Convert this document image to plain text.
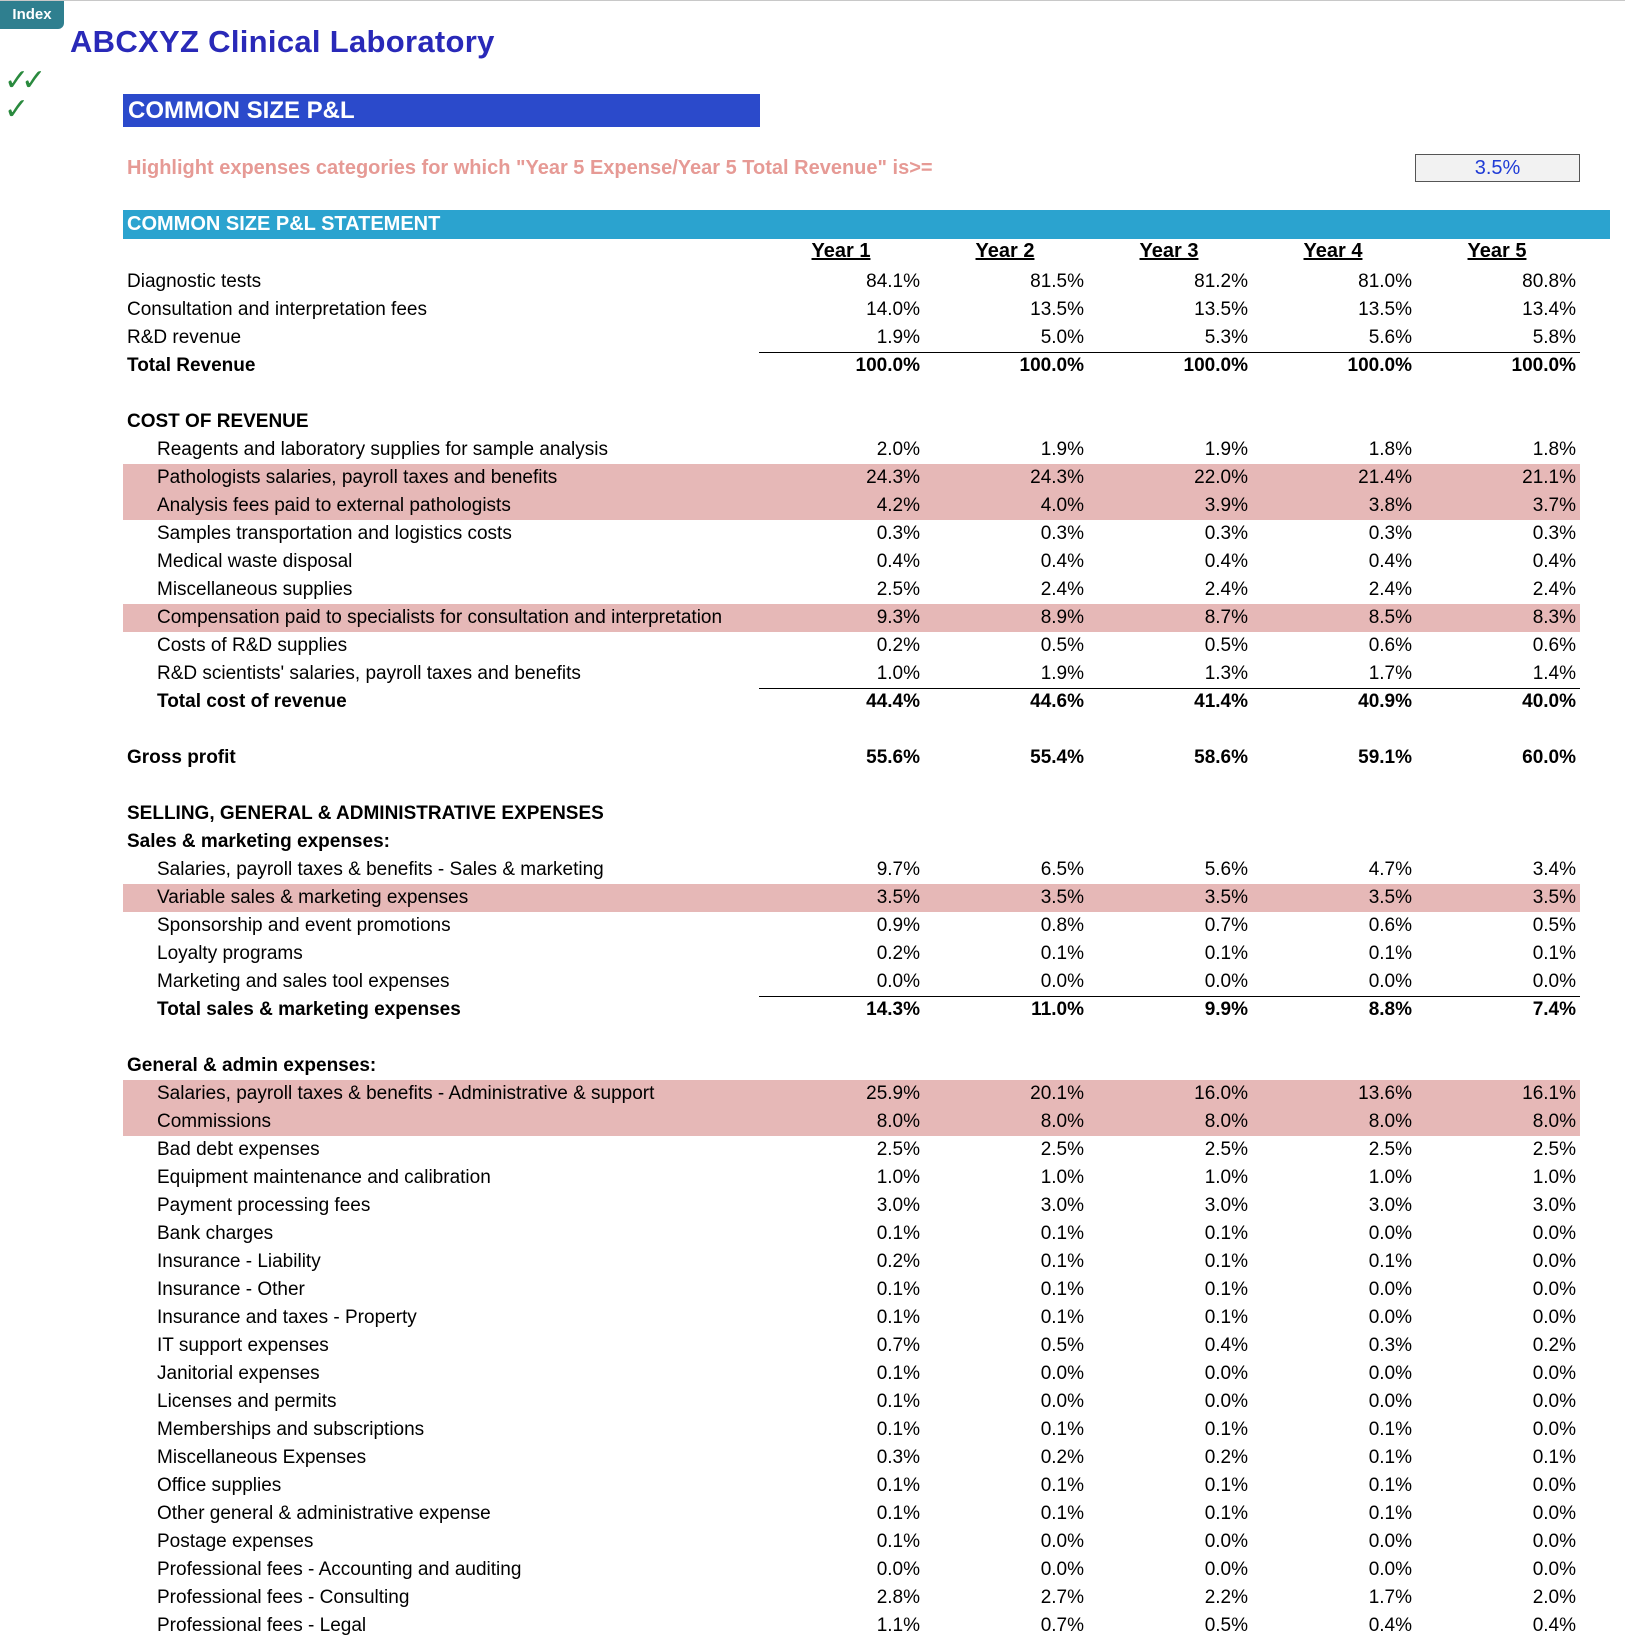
Index
ABCXYZ Clinical Laboratory
✓✓
✓	COMMON SIZE P&L
Highlight expenses categories for which "Year 5 Expense/Year 5 Total Revenue" is>=	3.5%
COMMON SIZE P&L STATEMENT
Year 1	Year 2	Year 3	Year 4	Year 5
Diagnostic tests	84.1%	81.5%	81.2%	81.0%	80.8%
Consultation and interpretation fees	14.0%	13.5%	13.5%	13.5%	13.4%
R&D revenue	1.9%	5.0%	5.3%	5.6%	5.8%
Total Revenue	100.0%	100.0%	100.0%	100.0%	100.0%
COST OF REVENUE
Reagents and laboratory supplies for sample analysis	2.0%	1.9%	1.9%	1.8%	1.8%
Pathologists salaries, payroll taxes and benefits	24.3%	24.3%	22.0%	21.4%	21.1%
Analysis fees paid to external pathologists	4.2%	4.0%	3.9%	3.8%	3.7%
Samples transportation and logistics costs	0.3%	0.3%	0.3%	0.3%	0.3%
Medical waste disposal	0.4%	0.4%	0.4%	0.4%	0.4%
Miscellaneous supplies	2.5%	2.4%	2.4%	2.4%	2.4%
Compensation paid to specialists for consultation and interpretation	9.3%	8.9%	8.7%	8.5%	8.3%
Costs of R&D supplies	0.2%	0.5%	0.5%	0.6%	0.6%
R&D scientists' salaries, payroll taxes and benefits	1.0%	1.9%	1.3%	1.7%	1.4%
Total cost of revenue	44.4%	44.6%	41.4%	40.9%	40.0%
Gross profit	55.6%	55.4%	58.6%	59.1%	60.0%
SELLING, GENERAL & ADMINISTRATIVE EXPENSES
Sales & marketing expenses:
Salaries, payroll taxes & benefits - Sales & marketing	9.7%	6.5%	5.6%	4.7%	3.4%
Variable sales & marketing expenses	3.5%	3.5%	3.5%	3.5%	3.5%
Sponsorship and event promotions	0.9%	0.8%	0.7%	0.6%	0.5%
Loyalty programs	0.2%	0.1%	0.1%	0.1%	0.1%
Marketing and sales tool expenses	0.0%	0.0%	0.0%	0.0%	0.0%
Total sales & marketing expenses	14.3%	11.0%	9.9%	8.8%	7.4%
General & admin expenses:
Salaries, payroll taxes & benefits - Administrative & support	25.9%	20.1%	16.0%	13.6%	16.1%
Commissions	8.0%	8.0%	8.0%	8.0%	8.0%
Bad debt expenses	2.5%	2.5%	2.5%	2.5%	2.5%
Equipment maintenance and calibration	1.0%	1.0%	1.0%	1.0%	1.0%
Payment processing fees	3.0%	3.0%	3.0%	3.0%	3.0%
Bank charges	0.1%	0.1%	0.1%	0.0%	0.0%
Insurance - Liability	0.2%	0.1%	0.1%	0.1%	0.0%
Insurance - Other	0.1%	0.1%	0.1%	0.0%	0.0%
Insurance and taxes - Property	0.1%	0.1%	0.1%	0.0%	0.0%
IT support expenses	0.7%	0.5%	0.4%	0.3%	0.2%
Janitorial expenses	0.1%	0.0%	0.0%	0.0%	0.0%
Licenses and permits	0.1%	0.0%	0.0%	0.0%	0.0%
Memberships and subscriptions	0.1%	0.1%	0.1%	0.1%	0.0%
Miscellaneous Expenses	0.3%	0.2%	0.2%	0.1%	0.1%
Office supplies	0.1%	0.1%	0.1%	0.1%	0.0%
Other general & administrative expense	0.1%	0.1%	0.1%	0.1%	0.0%
Postage expenses	0.1%	0.0%	0.0%	0.0%	0.0%
Professional fees - Accounting and auditing	0.0%	0.0%	0.0%	0.0%	0.0%
Professional fees - Consulting	2.8%	2.7%	2.2%	1.7%	2.0%
Professional fees - Legal	1.1%	0.7%	0.5%	0.4%	0.4%
